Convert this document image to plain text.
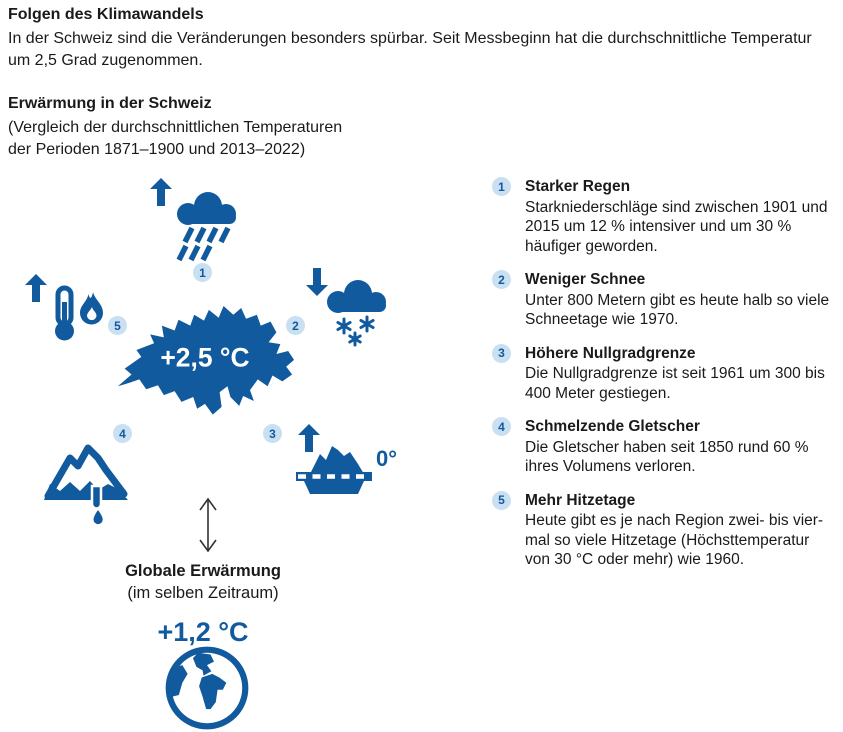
Folgen des Klimawandels
In der Schweiz sind die Veränderungen besonders spürbar. Seit Messbeginn hat die durchschnittliche Temperatur um 2,5 Grad zugenommen.
Erwärmung in der Schweiz
(Vergleich der durchschnittlichen Temperaturen
der Perioden 1871–1900 und 2013–2022)
+2,5 °C
0°
1
2
3
4
5
Globale Erwärmung
(im selben Zeitraum)
+1,2 °C
1	Starker Regen
Starkniederschläge sind zwischen 1901 und 2015 um 12 % intensiver und um 30 % häufiger geworden.
2	Weniger Schnee
Unter 800 Metern gibt es heute halb so viele Schneetage wie 1970.
3	Höhere Nullgradgrenze
Die Nullgradgrenze ist seit 1961 um 300 bis 400 Meter gestiegen.
4	Schmelzende Gletscher
Die Gletscher haben seit 1850 rund 60 % ihres Volumens verloren.
5	Mehr Hitzetage
Heute gibt es je nach Region zwei- bis vier-mal so viele Hitzetage (Höchsttemperatur von 30 °C oder mehr) wie 1960.
